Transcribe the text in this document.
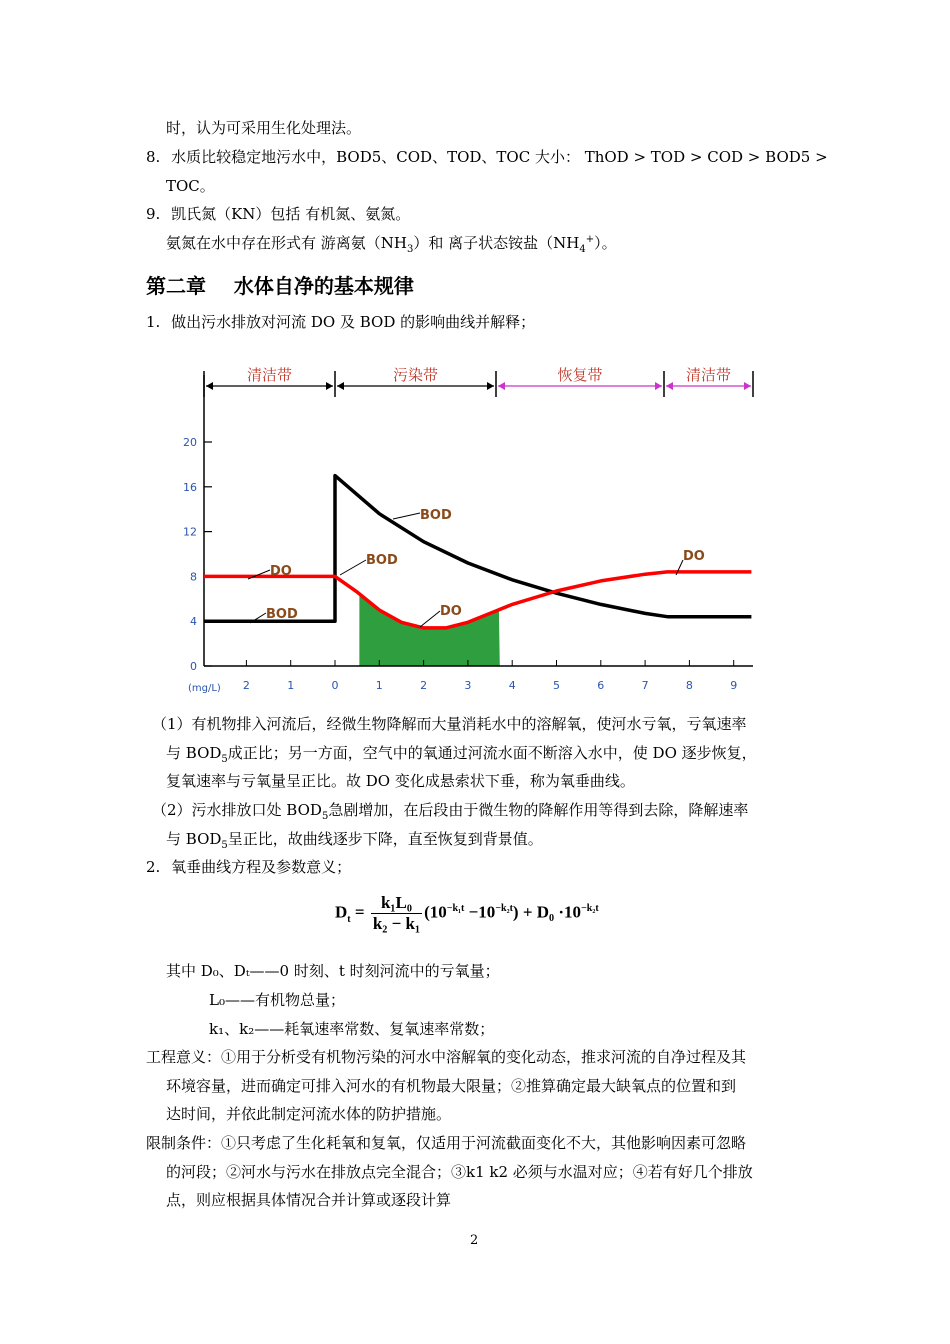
时，认为可采用生化处理法。
8. 水质比较稳定地污水中，BOD5、COD、TOD、TOC 大小： ThOD > TOD > COD > BOD5 >
TOC。
9. 凯氏氮（KN）包括 有机氮、氨氮。
氨氮在水中存在形式有 游离氨$(NH_3)$和 离子状态铵盐$(NH_4^+)$。
第二章    水体自净的基本规律
1. 做出污水排放对河流 DO 及 BOD 的影响曲线并解释；
清洁带	污染带	恢复带	清洁带
0
4
8
12
16
20
2	1	0	1	2	3	4	5	6	7	8	9
(mg/L)
BOD
BOD
BOD
DO
DO
DO
（1）有机物排入河流后，经微生物降解而大量消耗水中的溶解氧，使河水亏氧，亏氧速率
与 $BOD_5$成正比；另一方面，空气中的氧通过河流水面不断溶入水中，使 DO 逐步恢复，
复氧速率与亏氧量呈正比。故 DO 变化成悬索状下垂，称为氧垂曲线。
（2）污水排放口处 $BOD_5$急剧增加，在后段由于微生物的降解作用等得到去除，降解速率
与 $BOD_5$呈正比，故曲线逐步下降，直至恢复到背景值。
2. 氧垂曲线方程及参数意义；
$D_t = \frac{\text{k₁L₀}}{\text{k₂ − k₁}} (10^{-k_1t} -10^{-k_2t}) + D_0 \cdot 10^{-k_2t}$
其中 D₀、Dₜ——0 时刻、t 时刻河流中的亏氧量；
L₀——有机物总量；
k₁、k₂——耗氧速率常数、复氧速率常数；
工程意义：①用于分析受有机物污染的河水中溶解氧的变化动态，推求河流的自净过程及其
环境容量，进而确定可排入河水的有机物最大限量；②推算确定最大缺氧点的位置和到
达时间，并依此制定河流水体的防护措施。
限制条件：①只考虑了生化耗氧和复氧，仅适用于河流截面变化不大，其他影响因素可忽略
的河段；②河水与污水在排放点完全混合；③k1 k2 必须与水温对应；④若有好几个排放
点，则应根据具体情况合并计算或逐段计算
2
